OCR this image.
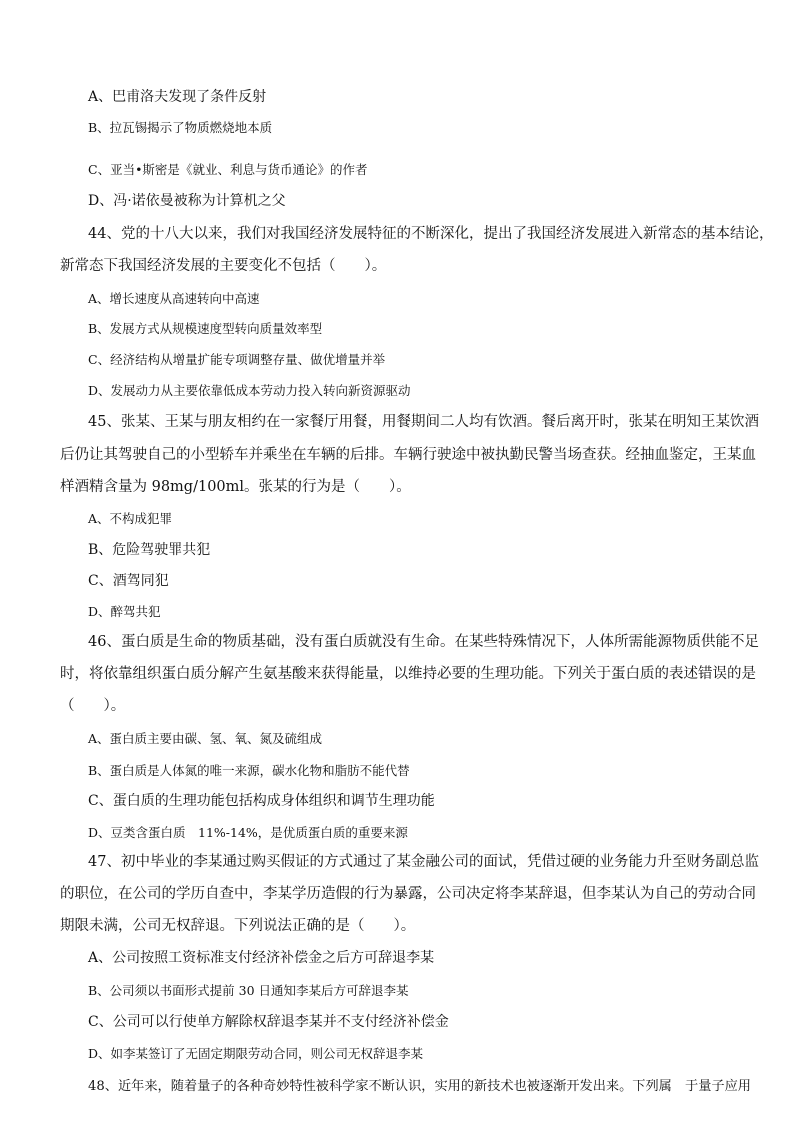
A、巴甫洛夫发现了条件反射
B、拉瓦锡揭示了物质燃烧地本质
C、亚当•斯密是《就业、利息与货币通论》的作者
D、冯·诺依曼被称为计算机之父
44、党的十八大以来，我们对我国经济发展特征的不断深化，提出了我国经济发展进入新常态的基本结论，
新常态下我国经济发展的主要变化不包括（　　）。
A、增长速度从高速转向中高速
B、发展方式从规模速度型转向质量效率型
C、经济结构从增量扩能专项调整存量、做优增量并举
D、发展动力从主要依靠低成本劳动力投入转向新资源驱动
45、张某、王某与朋友相约在一家餐厅用餐，用餐期间二人均有饮酒。餐后离开时，张某在明知王某饮酒
后仍让其驾驶自己的小型轿车并乘坐在车辆的后排。车辆行驶途中被执勤民警当场查获。经抽血鉴定，王某血
样酒精含量为 98mg/100ml。张某的行为是（　　）。
A、不构成犯罪
B、危险驾驶罪共犯
C、酒驾同犯
D、醉驾共犯
46、蛋白质是生命的物质基础，没有蛋白质就没有生命。在某些特殊情况下，人体所需能源物质供能不足
时，将依靠组织蛋白质分解产生氨基酸来获得能量，以维持必要的生理功能。下列关于蛋白质的表述错误的是
（　　）。
A、蛋白质主要由碳、氢、氧、氮及硫组成
B、蛋白质是人体氮的唯一来源，碳水化物和脂肪不能代替
C、蛋白质的生理功能包括构成身体组织和调节生理功能
D、豆类含蛋白质　11%-14%，是优质蛋白质的重要来源
47、初中毕业的李某通过购买假证的方式通过了某金融公司的面试，凭借过硬的业务能力升至财务副总监
的职位，在公司的学历自查中，李某学历造假的行为暴露，公司决定将李某辞退，但李某认为自己的劳动合同
期限未满，公司无权辞退。下列说法正确的是（　　）。
A、公司按照工资标准支付经济补偿金之后方可辞退李某
B、公司须以书面形式提前 30 日通知李某后方可辞退李某
C、公司可以行使单方解除权辞退李某并不支付经济补偿金
D、如李某签订了无固定期限劳动合同，则公司无权辞退李某
48、近年来，随着量子的各种奇妙特性被科学家不断认识，实用的新技术也被逐渐开发出来。下列属　于量子应用
